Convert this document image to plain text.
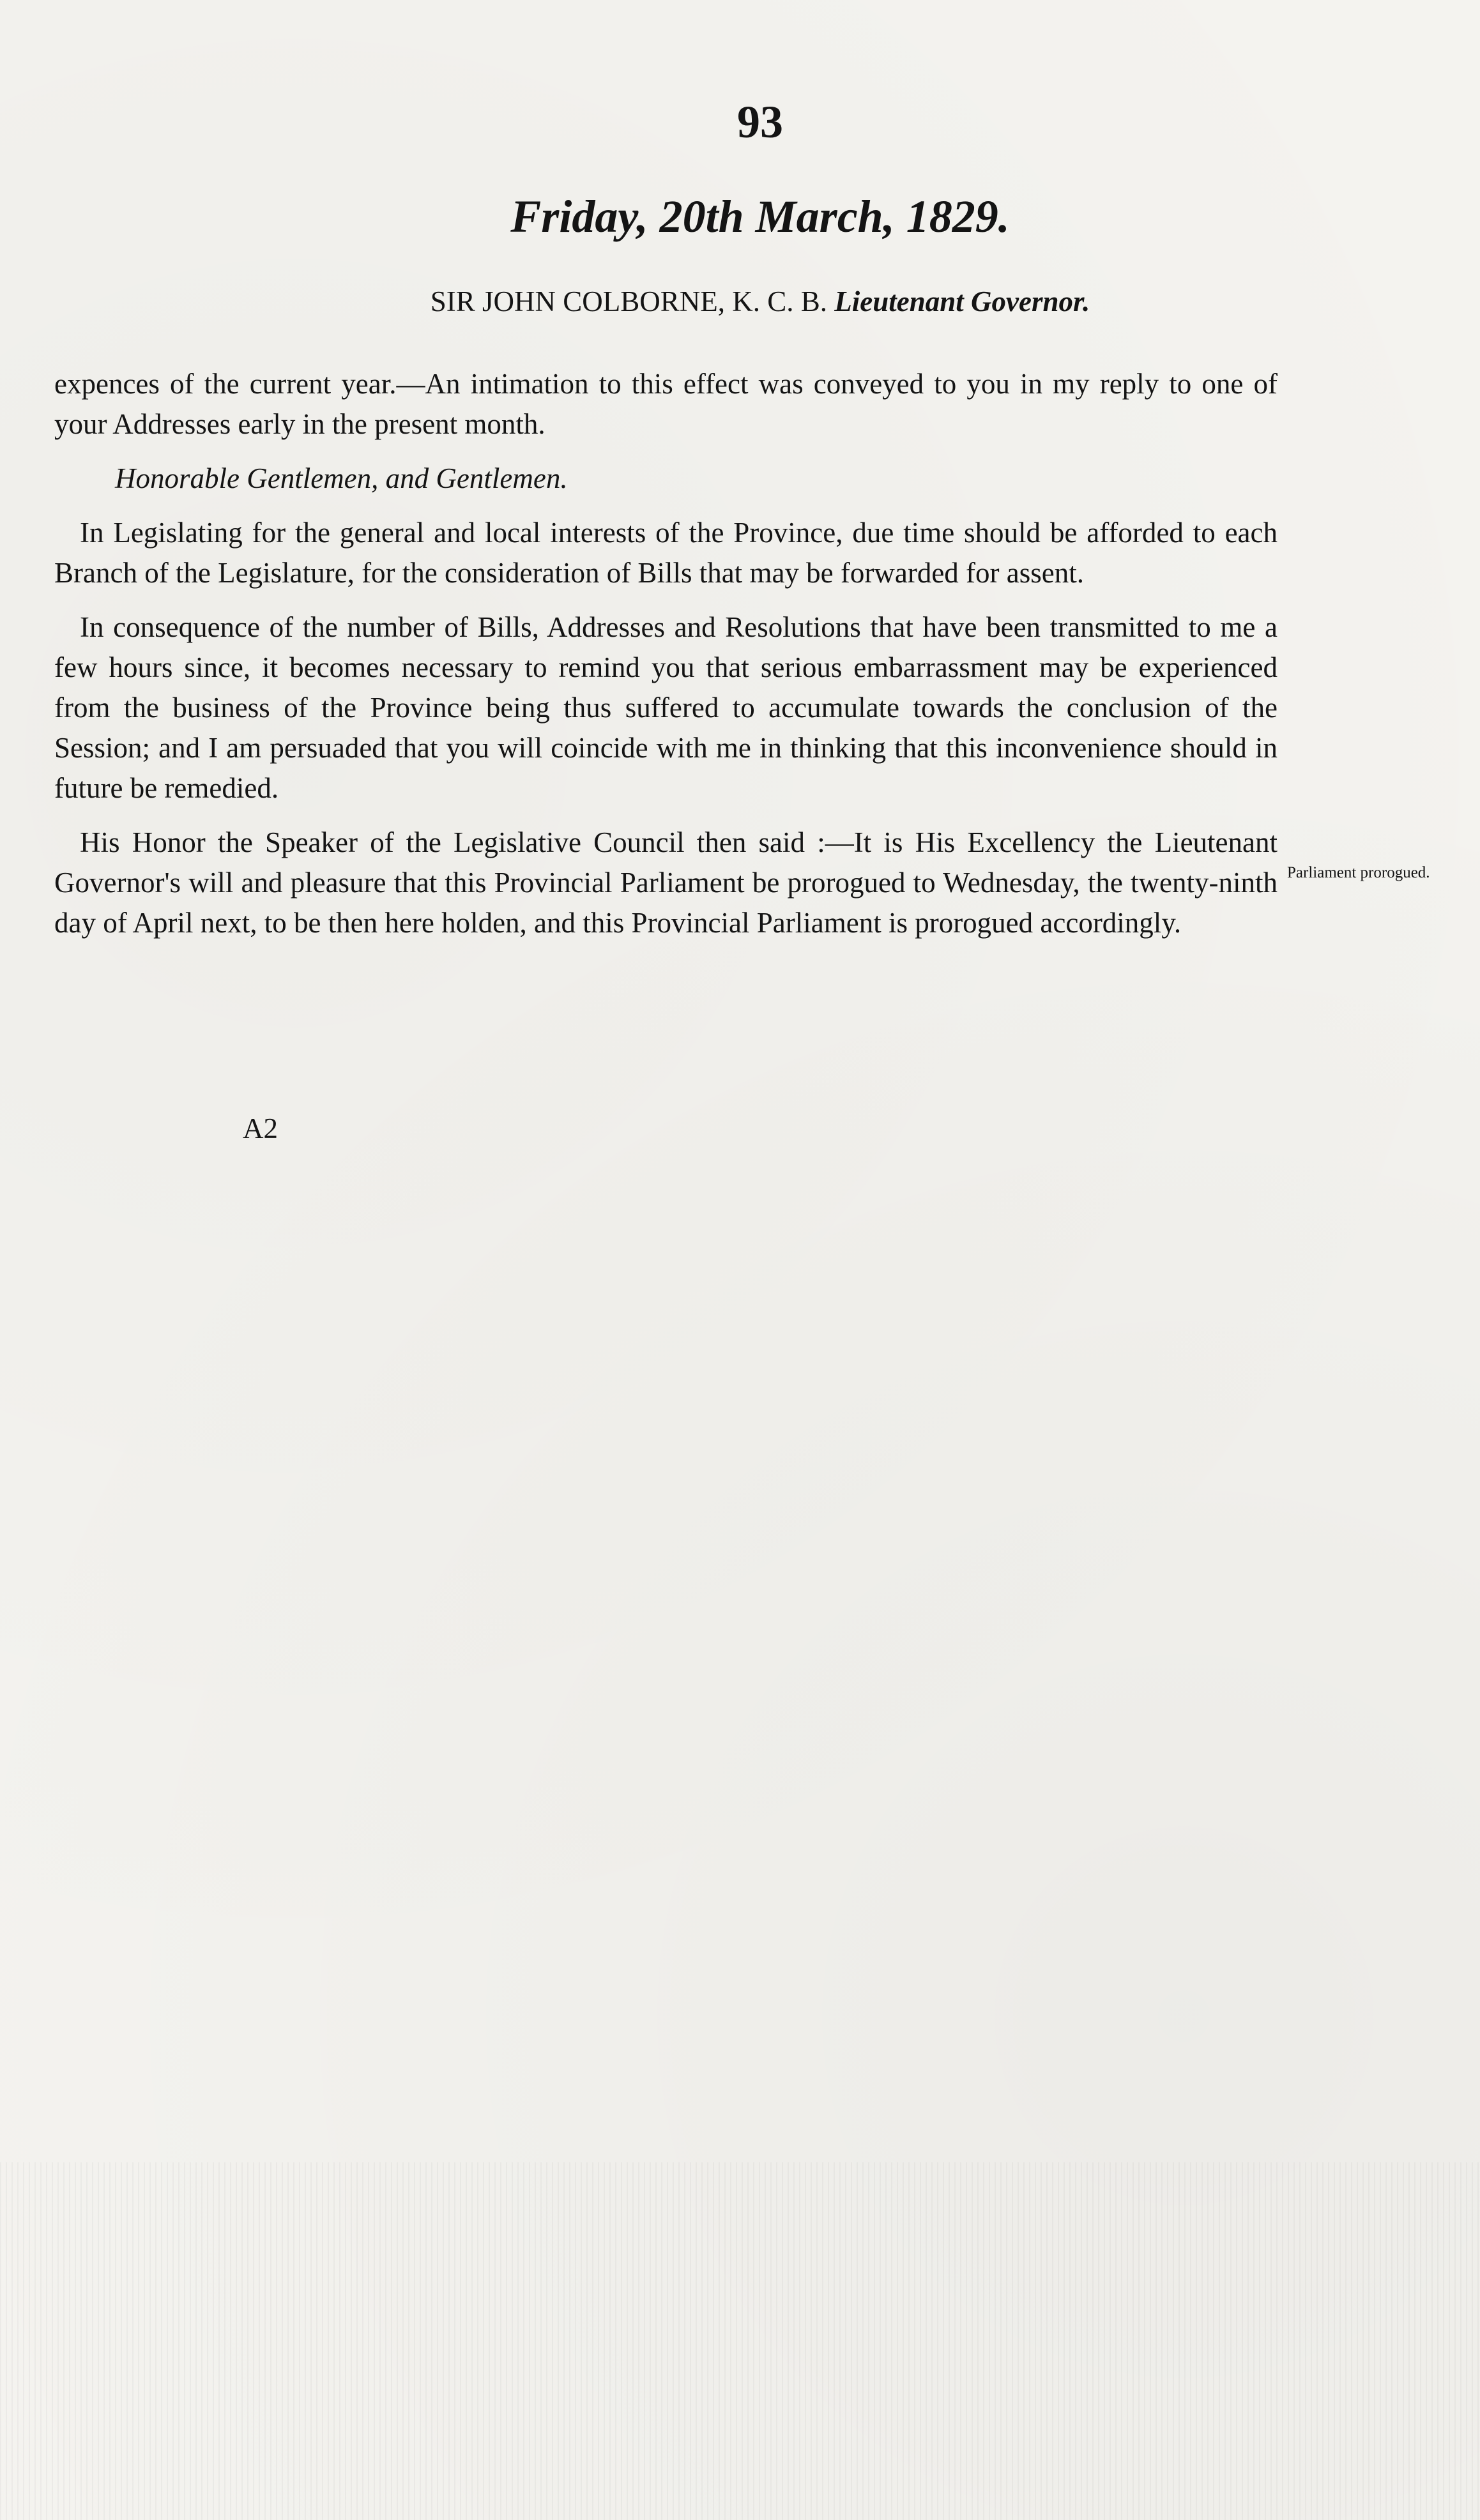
93
Friday, 20th March, 1829.
SIR JOHN COLBORNE, K. C. B. Lieutenant Governor.

expences of the current year.—An intimation to this effect was conveyed to you in my reply to one of your Addresses early in the present month.

Honorable Gentlemen, and Gentlemen.

In Legislating for the general and local interests of the Province, due time should be afforded to each Branch of the Legislature, for the consideration of Bills that may be forwarded for assent.

In consequence of the number of Bills, Addresses and Resolutions that have been transmitted to me a few hours since, it becomes necessary to remind you that serious embarrassment may be experienced from the business of the Province being thus suffered to accumulate towards the conclusion of the Session; and I am persuaded that you will coincide with me in thinking that this inconvenience should in future be remedied.

His Honor the Speaker of the Legislative Council then said :—It is His Excellency the Lieutenant Governor's will and pleasure that this Provincial Parliament be prorogued to Wednesday, the twenty-ninth day of April next, to be then here holden, and this Provincial Parliament is prorogued accordingly.

Parliament prorogued.
A2
